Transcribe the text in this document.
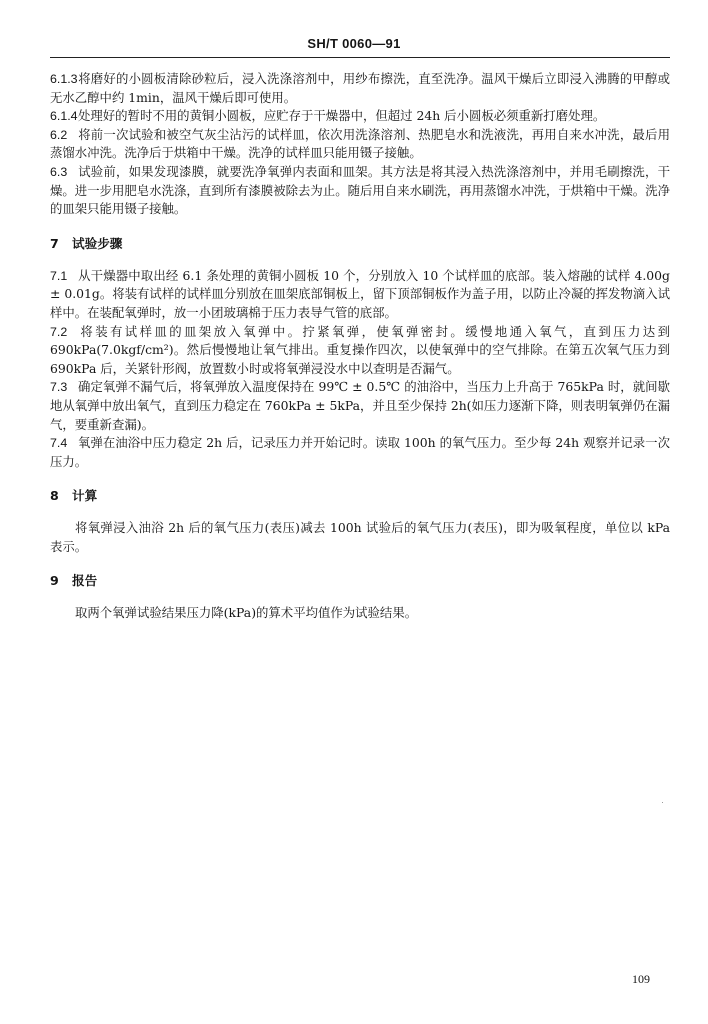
SH/T 0060—91

6.1.3将磨好的小圆板清除砂粒后，浸入洗涤溶剂中，用纱布擦洗，直至洗净。温风干燥后立即浸入沸腾的甲醇或无水乙醇中约 1min，温风干燥后即可使用。

6.1.4处理好的暂时不用的黄铜小圆板，应贮存于干燥器中，但超过 24h 后小圆板必须重新打磨处理。

6.2 将前一次试验和被空气灰尘沾污的试样皿，依次用洗涤溶剂、热肥皂水和洗液洗，再用自来水冲洗，最后用蒸馏水冲洗。洗净后于烘箱中干燥。洗净的试样皿只能用镊子接触。

6.3 试验前，如果发现漆膜，就要洗净氧弹内表面和皿架。其方法是将其浸入热洗涤溶剂中，并用毛刷擦洗，干燥。进一步用肥皂水洗涤，直到所有漆膜被除去为止。随后用自来水刷洗，再用蒸馏水冲洗，于烘箱中干燥。洗净的皿架只能用镊子接触。

7 试验步骤

7.1 从干燥器中取出经 6.1 条处理的黄铜小圆板 10 个，分别放入 10 个试样皿的底部。装入熔融的试样 4.00g ± 0.01g。将装有试样的试样皿分别放在皿架底部铜板上，留下顶部铜板作为盖子用，以防止冷凝的挥发物滴入试样中。在装配氧弹时，放一小团玻璃棉于压力表导气管的底部。

7.2 将装有试样皿的皿架放入氧弹中。拧紧氧弹，使氧弹密封。缓慢地通入氧气，直到压力达到 690kPa(7.0kgf/cm²)。然后慢慢地让氧气排出。重复操作四次，以使氧弹中的空气排除。在第五次氧气压力到 690kPa 后，关紧针形阀，放置数小时或将氧弹浸没水中以查明是否漏气。

7.3 确定氧弹不漏气后，将氧弹放入温度保持在 99℃ ± 0.5℃ 的油浴中，当压力上升高于 765kPa 时，就间歇地从氧弹中放出氧气，直到压力稳定在 760kPa ± 5kPa，并且至少保持 2h(如压力逐渐下降，则表明氧弹仍在漏气，要重新查漏)。

7.4 氧弹在油浴中压力稳定 2h 后，记录压力并开始记时。读取 100h 的氧气压力。至少每 24h 观察并记录一次压力。

8 计算

将氧弹浸入油浴 2h 后的氧气压力(表压)减去 100h 试验后的氧气压力(表压)，即为吸氧程度，单位以 kPa 表示。

9 报告

取两个氧弹试验结果压力降(kPa)的算术平均值作为试验结果。

109
